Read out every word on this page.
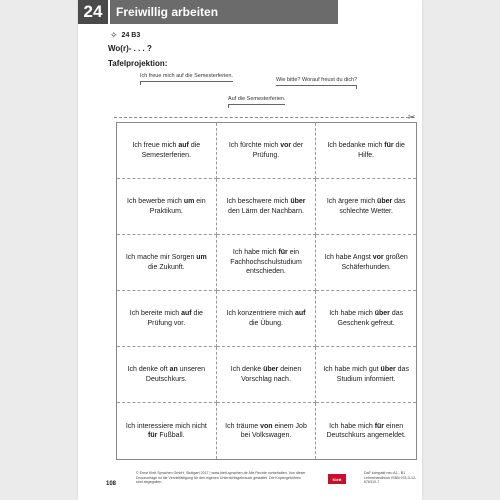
24	Freiwillig arbeiten
✧ 24 B3
Wo(r)- . . . ?
Tafelprojektion:
Ich freue mich auf die Semesterferien.
Wie bitte? Worauf freust du dich?
Auf die Semesterferien.
✂
Ich freue mich auf die Semesterferien.
Ich fürchte mich vor der Prüfung.
Ich bedanke mich für die Hilfe.
Ich bewerbe mich um ein Praktikum.
Ich beschwere mich über den Lärm der Nachbarn.
Ich ärgere mich über das schlechte Wetter.
Ich mache mir Sorgen um die Zukunft.
Ich habe mich für ein Fachhochschulstudium entschieden.
Ich habe Angst vor großen Schäferhunden.
Ich bereite mich auf die Prüfung vor.
Ich konzentriere mich auf die Übung.
Ich habe mich über das Geschenk gefreut.
Ich denke oft an unseren Deutschkurs.
Ich denke über deinen Vorschlag nach.
Ich habe mich gut über das Studium informiert.
Ich interessiere mich nicht für Fußball.
Ich träume von einem Job bei Volkswagen.
Ich habe mich für einen Deutschkurs angemeldet.
108
© Ernst Klett Sprachen GmbH, Stuttgart 2017 | www.klett-sprachen.de Alle Rechte vorbehalten. Von dieser Druckvorlage ist die Vervielfältigung für den eigenen Unterrichtsgebrauch gestattet. Die Kopiergebühren sind abgegolten.
Klett
DaF kompakt neu A1 - B1 Lehrerhandbuch ISBN 978-3-12-676310-7
